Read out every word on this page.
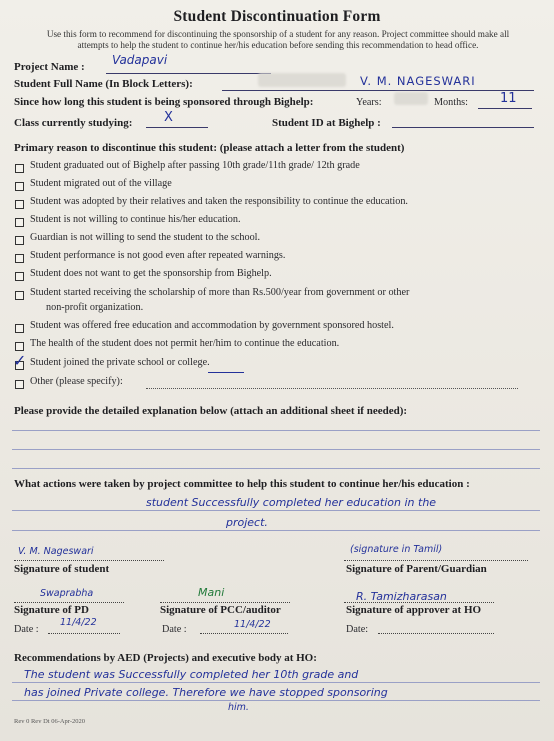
Student Discontinuation Form
Use this form to recommend for discontinuing the sponsorship of a student for any reason. Project committee should make all
attempts to help the student to continue her/his education before sending this recommendation to head office.
Project Name : Vadapavi
Student Full Name (In Block Letters):	V. M. NAGESWARI
Since how long this student is being sponsored through Bighelp:	Years:	Months: 11
Class currently studying: X	Student ID at Bighelp :
Primary reason to discontinue this student: (please attach a letter from the student)
Student graduated out of Bighelp after passing 10th grade/11th grade/ 12th grade
Student migrated out of the village
Student was adopted by their relatives and taken the responsibility to continue the education.
Student is not willing to continue his/her education.
Guardian is not willing to send the student to the school.
Student performance is not good even after repeated warnings.
Student does not want to get the sponsorship from Bighelp.
Student started receiving the scholarship of more than Rs.500/year from government or other
non-profit organization.
Student was offered free education and accommodation by government sponsored hostel.
The health of the student does not permit her/him to continue the education.
✓ Student joined the private school or college.
Other (please specify):
Please provide the detailed explanation below (attach an additional sheet if needed):
What actions were taken by project committee to help this student to continue her/his education :
student Successfully completed her education in the
project.
V. M. Nageswari
Signature of student
(signature in Tamil)
Signature of Parent/Guardian
Swaprabha
Signature of PD
Date :
11/4/22
Mani
Signature of PCC/auditor
Date :	11/4/22
R. Tamizharasan
Signature of approver at HO
Date:
Recommendations by AED (Projects) and executive body at HO:
The student was Successfully completed her 10th grade and
has joined Private college. Therefore we have stopped sponsoring
him.
Rev 0 Rev Dt 06-Apr-2020
